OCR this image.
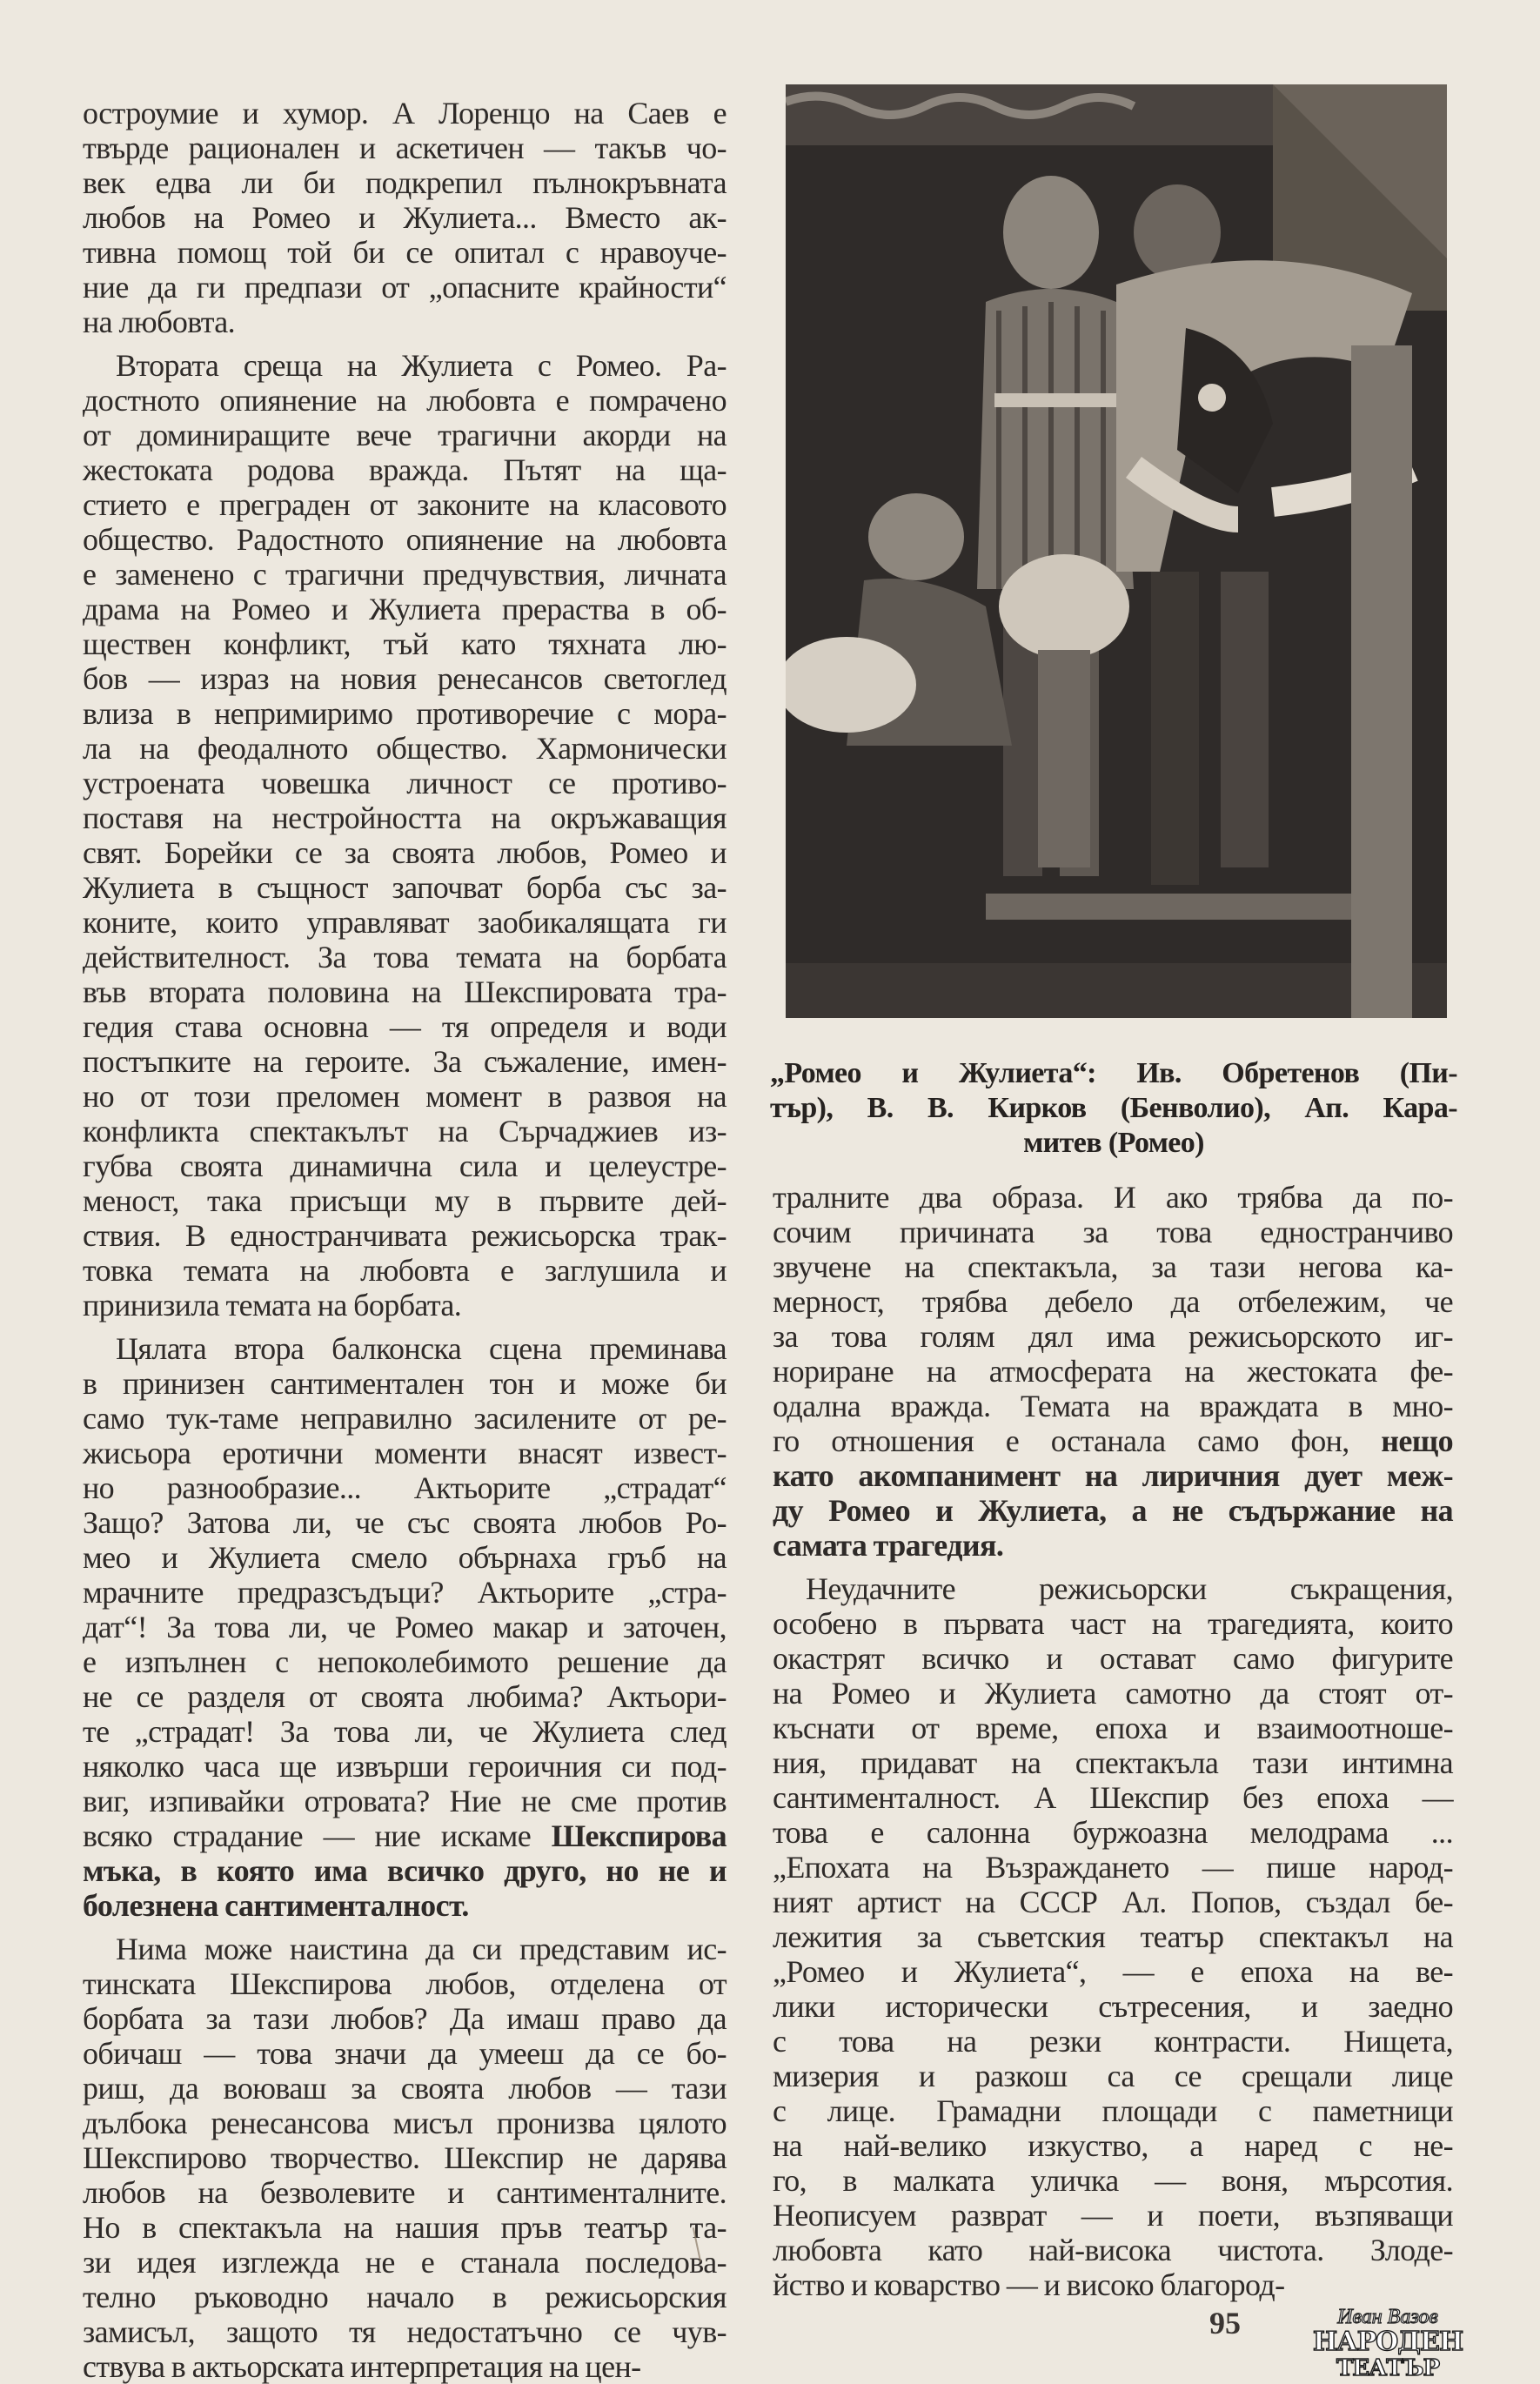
остроумие и хумор. А Лоренцо на Саев е
твърде рационален и аскетичен — такъв чо-
век едва ли би подкрепил пълнокръвната
любов на Ромео и Жулиета... Вместо ак-
тивна помощ той би се опитал с нравоуче-
ние да ги предпази от „опасните крайности“
на любовта.
Втората среща на Жулиета с Ромео. Ра-
достното опиянение на любовта е помрачено
от доминиращите вече трагични акорди на
жестоката родова вражда. Пътят на ща-
стието е преграден от законите на класовото
общество. Радостното опиянение на любовта
е заменено с трагични предчувствия, личната
драма на Ромео и Жулиета прераства в об-
ществен конфликт, тъй като тяхната лю-
бов — израз на новия ренесансов светоглед
влиза в непримиримо противоречие с мора-
ла на феодалното общество. Хармонически
устроената човешка личност се противо-
поставя на нестройността на окръжаващия
свят. Борейки се за своята любов, Ромео и
Жулиета в същност започват борба със за-
коните, които управляват заобикалящата ги
действителност. За това темата на борбата
във втората половина на Шекспировата тра-
гедия става основна — тя определя и води
постъпките на героите. За съжаление, имен-
но от този преломен момент в развоя на
конфликта спектакълът на Сърчаджиев из-
губва своята динамична сила и целеустре-
меност, така присъщи му в първите дей-
ствия. В едностранчивата режисьорска трак-
товка темата на любовта е заглушила и
принизила темата на борбата.
Цялата втора балконска сцена преминава
в принизен сантиментален тон и може би
само тук-таме неправилно засилените от ре-
жисьора еротични моменти внасят извест-
но разнообразие... Актьорите „страдат“
Защо? Затова ли, че със своята любов Ро-
мео и Жулиета смело обърнаха гръб на
мрачните предразсъдъци? Актьорите „стра-
дат“! За това ли, че Ромео макар и заточен,
е изпълнен с непоколебимото решение да
не се разделя от своята любима? Актьори-
те „страдат! За това ли, че Жулиета след
няколко часа ще извърши героичния си под-
виг, изпивайки отровата? Ние не сме против
всяко страдание — ние искаме Шекспирова
мъка, в която има всичко друго, но не и
болезнена сантименталност.
Нима може наистина да си представим ис-
тинската Шекспирова любов, отделена от
борбата за тази любов? Да имаш право да
обичаш — това значи да умееш да се бо-
риш, да воюваш за своята любов — тази
дълбока ренесансова мисъл пронизва цялото
Шекспирово творчество. Шекспир не дарява
любов на безволевите и сантименталните.
Но в спектакъла на нашия пръв театър та-
зи идея изглежда не е станала последова-
телно ръководно начало в режисьорския
замисъл, защото тя недостатъчно се чув-
ствува в актьорската интерпретация на цен-
„Ромео и Жулиета“: Ив. Обретенов (Пи-
тър), В. В. Кирков (Бенволио), Ап. Кара-
митев (Ромео)
тралните два образа. И ако трябва да по-
сочим причината за това едностранчиво
звучене на спектакъла, за тази негова ка-
мерност, трябва дебело да отбележим, че
за това голям дял има режисьорското иг-
нориране на атмосферата на жестоката фе-
одална вражда. Темата на враждата в мно-
го отношения е останала само фон, нещо
като акомпанимент на лиричния дует меж-
ду Ромео и Жулиета, а не съдържание на
самата трагедия.
Неудачните режисьорски съкращения,
особено в първата част на трагедията, които
окастрят всичко и остават само фигурите
на Ромео и Жулиета самотно да стоят от-
къснати от време, епоха и взаимоотноше-
ния, придават на спектакъла тази интимна
сантименталност. А Шекспир без епоха —
това е салонна буржоазна мелодрама ...
„Епохата на Възраждането — пише народ-
ният артист на СССР Ал. Попов, създал бе-
лежития за съветския театър спектакъл на
„Ромео и Жулиета“, — е епоха на ве-
лики исторически сътресения, и заедно
с това на резки контрасти. Нищета,
мизерия и разкош са се срещали лице
с лице. Грамадни площади с паметници
на най-велико изкуство, а наред с не-
го, в малката уличка — воня, мърсотия.
Неописуем разврат — и поети, възпяващи
любовта като най-висока чистота. Злоде-
йство и коварство — и високо благород-
Иван Вазов
НАРОДЕН
ТЕАТЪР
95
